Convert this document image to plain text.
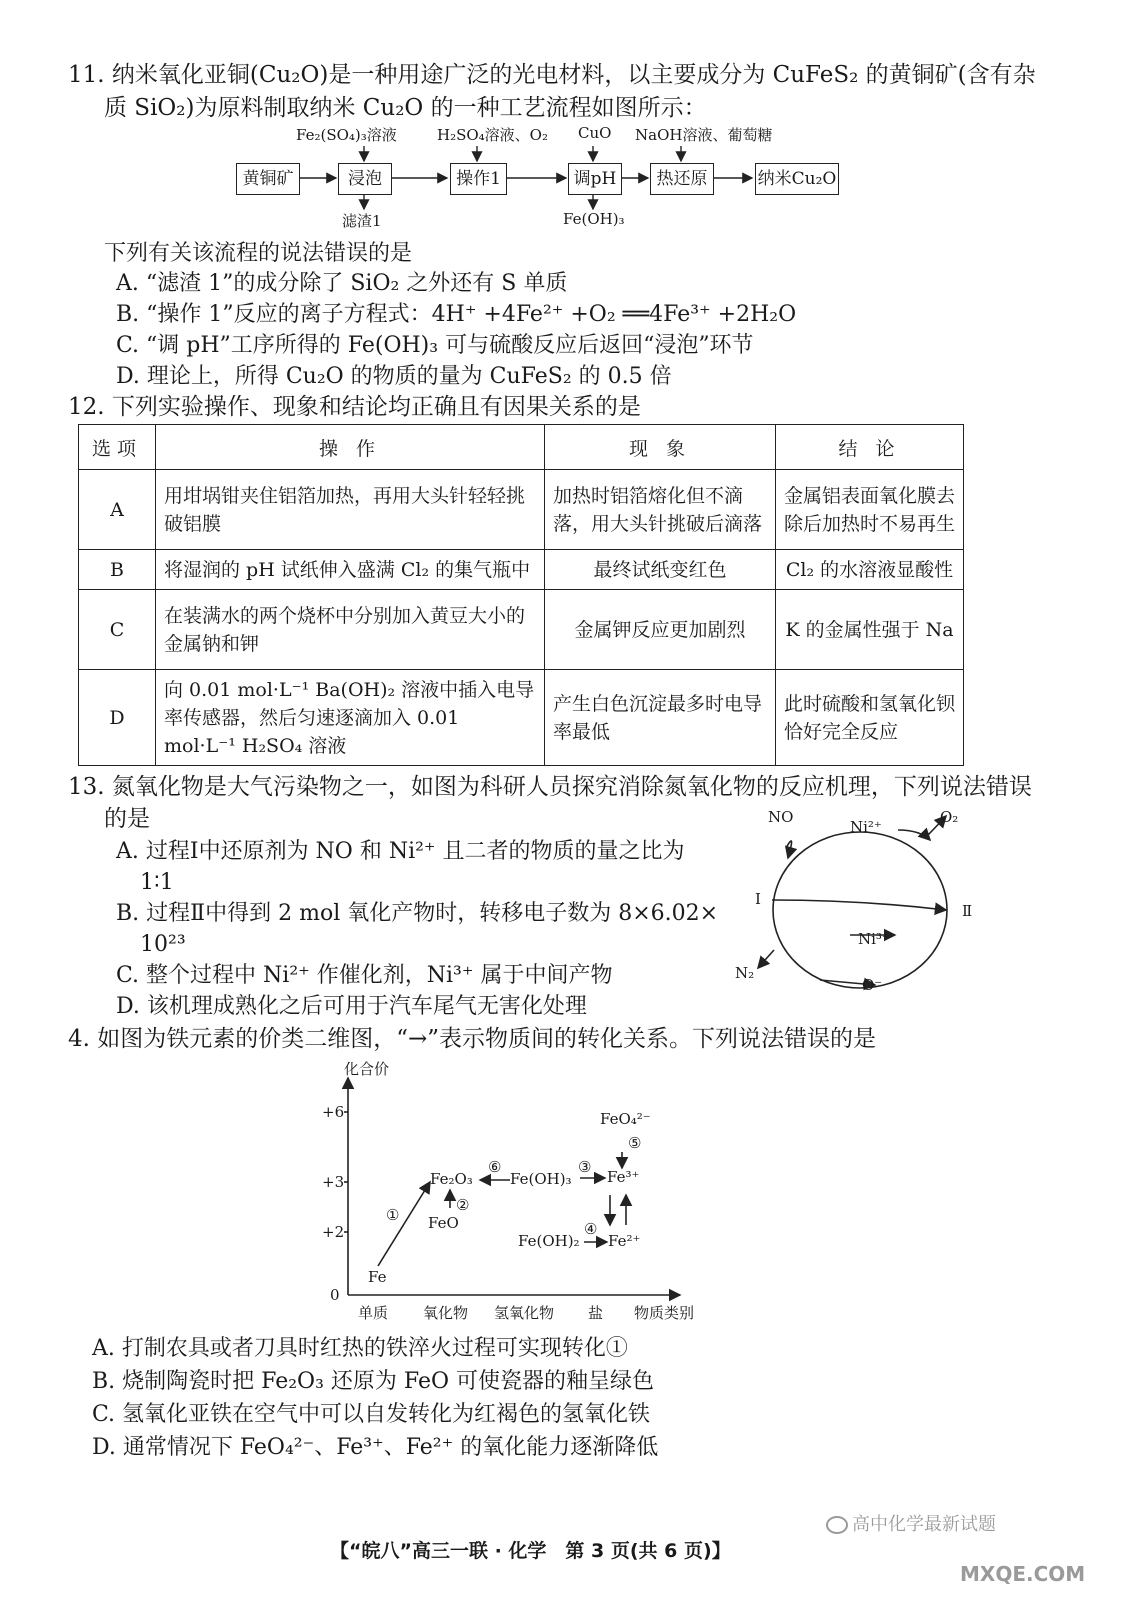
11. 纳米氧化亚铜(Cu₂O)是一种用途广泛的光电材料，以主要成分为 CuFeS₂ 的黄铜矿(含有杂
质 SiO₂)为原料制取纳米 Cu₂O 的一种工艺流程如图所示：
Fe₂(SO₄)₃溶液	H₂SO₄溶液、O₂ CuO NaOH溶液、葡萄糖
黄铜矿	浸泡	操作1	调pH	热还原	纳米Cu₂O
滤渣1	Fe(OH)₃
下列有关该流程的说法错误的是
A. “滤渣 1”的成分除了 SiO₂ 之外还有 S 单质
B. “操作 1”反应的离子方程式：4H⁺ +4Fe²⁺ +O₂ ══4Fe³⁺ +2H₂O
C. “调 pH”工序所得的 Fe(OH)₃ 可与硫酸反应后返回“浸泡”环节
D. 理论上，所得 Cu₂O 的物质的量为 CuFeS₂ 的 0.5 倍
12. 下列实验操作、现象和结论均正确且有因果关系的是
选项	操 作	现 象	结 论
A	用坩埚钳夹住铝箔加热，再用大头针轻轻挑破铝膜	加热时铝箔熔化但不滴落，用大头针挑破后滴落	金属铝表面氧化膜去除后加热时不易再生
B	将湿润的 pH 试纸伸入盛满 Cl₂ 的集气瓶中	最终试纸变红色	Cl₂ 的水溶液显酸性
C	在装满水的两个烧杯中分别加入黄豆大小的金属钠和钾	金属钾反应更加剧烈	K 的金属性强于 Na
D	向 0.01 mol·L⁻¹ Ba(OH)₂ 溶液中插入电导率传感器，然后匀速逐滴加入 0.01 mol·L⁻¹ H₂SO₄ 溶液	产生白色沉淀最多时电导率最低	此时硫酸和氢氧化钡恰好完全反应
13. 氮氧化物是大气污染物之一，如图为科研人员探究消除氮氧化物的反应机理，下列说法错误
的是
A. 过程Ⅰ中还原剂为 NO 和 Ni²⁺ 且二者的物质的量之比为
1∶1
B. 过程Ⅱ中得到 2 mol 氧化产物时，转移电子数为 8×6.02×
10²³
C. 整个过程中 Ni²⁺ 作催化剂，Ni³⁺ 属于中间产物
D. 该机理成熟化之后可用于汽车尾气无害化处理
NO
Ni²⁺
O₂
I
Ⅱ
Ni³⁺
N₂
O⁻
4. 如图为铁元素的价类二维图，“→”表示物质间的转化关系。下列说法错误的是
化合价
+6
+3
+2
0
单质 氧化物 氢氧化物 盐 物质类别
Fe
Fe₂O₃
FeO
Fe(OH)₃ Fe³⁺
Fe(OH)₂ Fe²⁺
FeO₄²⁻
①
②
③
④
⑤
⑥
A. 打制农具或者刀具时红热的铁淬火过程可实现转化①
B. 烧制陶瓷时把 Fe₂O₃ 还原为 FeO 可使瓷器的釉呈绿色
C. 氢氧化亚铁在空气中可以自发转化为红褐色的氢氧化铁
D. 通常情况下 FeO₄²⁻、Fe³⁺、Fe²⁺ 的氧化能力逐渐降低
【“皖八”高三一联 · 化学　第 3 页(共 6 页)】
高中化学最新试题
MXQE.COM
